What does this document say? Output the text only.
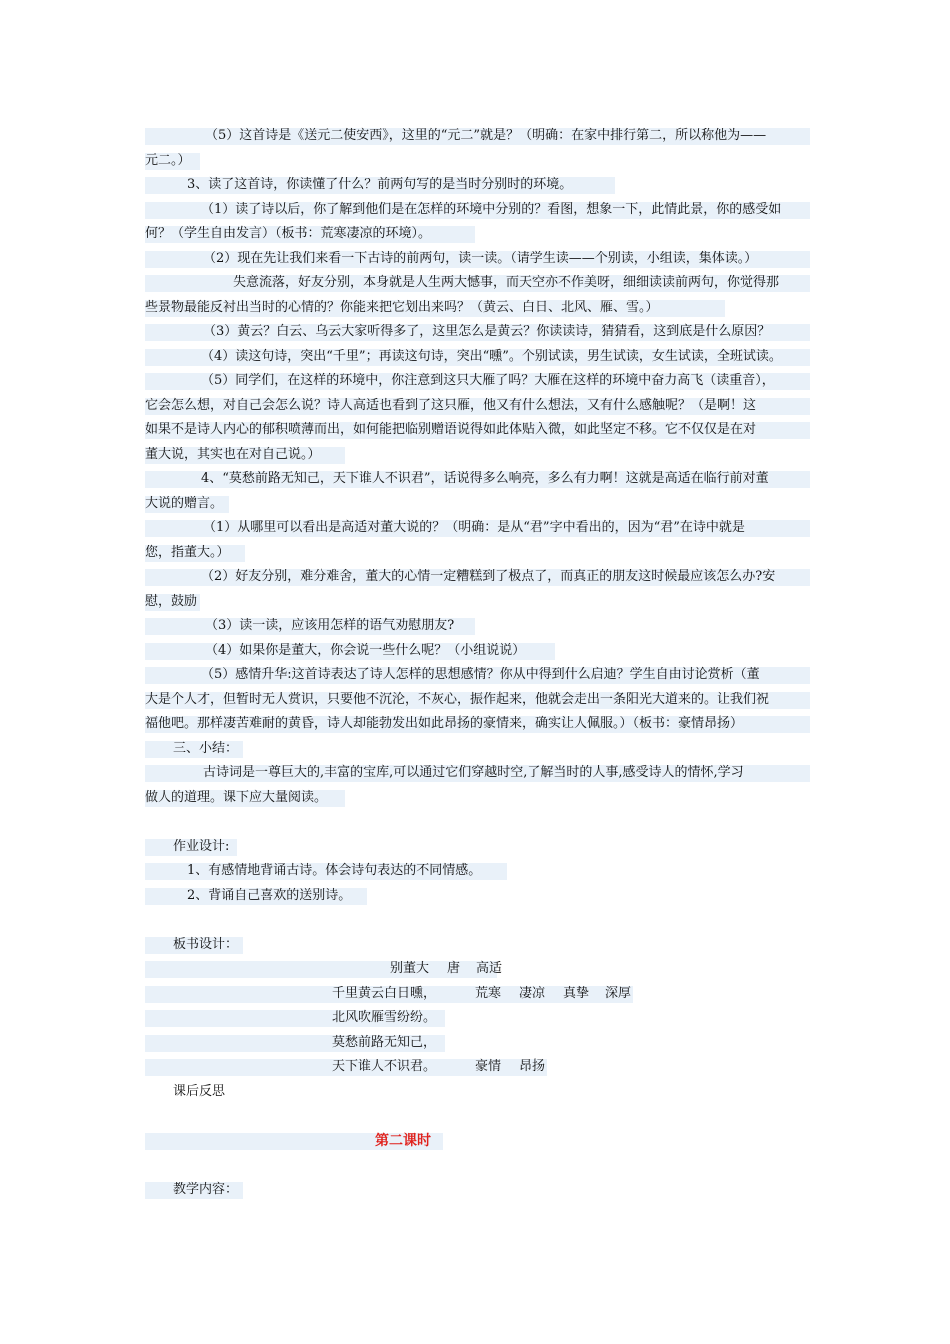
（5）这首诗是《送元二使安西》，这里的“元二”就是？（明确：在家中排行第二，所以称他为——
元二。）
3、读了这首诗，你读懂了什么？前两句写的是当时分别时的环境。
（1）读了诗以后，你了解到他们是在怎样的环境中分别的？看图，想象一下，此情此景，你的感受如
何？（学生自由发言）（板书：荒寒凄凉的环境）。
（2）现在先让我们来看一下古诗的前两句，读一读。（请学生读——个别读，小组读，集体读。）
失意流落，好友分别，本身就是人生两大憾事，而天空亦不作美呀，细细读读前两句，你觉得那
些景物最能反衬出当时的心情的？你能来把它划出来吗？（黄云、白日、北风、雁、雪。）
（3）黄云？白云、乌云大家听得多了，这里怎么是黄云？你读读诗，猜猜看，这到底是什么原因？
（4）读这句诗，突出“千里”；再读这句诗，突出“曛”。个别试读，男生试读，女生试读，全班试读。
（5）同学们，在这样的环境中，你注意到这只大雁了吗？大雁在这样的环境中奋力高飞（读重音），
它会怎么想，对自己会怎么说？诗人高适也看到了这只雁，他又有什么想法，又有什么感触呢？（是啊！这
如果不是诗人内心的郁积喷薄而出，如何能把临别赠语说得如此体贴入微，如此坚定不移。它不仅仅是在对
董大说，其实也在对自己说。）
4、“莫愁前路无知己，天下谁人不识君”，话说得多么响亮，多么有力啊！这就是高适在临行前对董
大说的赠言。
（1）从哪里可以看出是高适对董大说的？（明确：是从“君”字中看出的，因为“君”在诗中就是
您，指董大。）
（2）好友分别，难分难舍，董大的心情一定糟糕到了极点了，而真正的朋友这时候最应该怎么办?安
慰，鼓励
（3）读一读，应该用怎样的语气劝慰朋友?
（4）如果你是董大，你会说一些什么呢？（小组说说）
（5）感情升华:这首诗表达了诗人怎样的思想感情？你从中得到什么启迪？学生自由讨论赏析（董
大是个人才，但暂时无人赏识，只要他不沉沦，不灰心，振作起来，他就会走出一条阳光大道来的。让我们祝
福他吧。那样凄苦难耐的黄昏，诗人却能勃发出如此昂扬的豪情来，确实让人佩服。）（板书：豪情昂扬）
三、小结：
古诗词是一尊巨大的,丰富的宝库,可以通过它们穿越时空,了解当时的人事,感受诗人的情怀,学习
做人的道理。课下应大量阅读。
作业设计:
1、有感情地背诵古诗。体会诗句表达的不同情感。
2、背诵自己喜欢的送别诗。
板书设计：
别董大 唐 高适
千里黄云白日曛，	荒寒 凄凉 真挚 深厚
北风吹雁雪纷纷。
莫愁前路无知己，
天下谁人不识君。	豪情 昂扬
课后反思
第二课时
教学内容：
